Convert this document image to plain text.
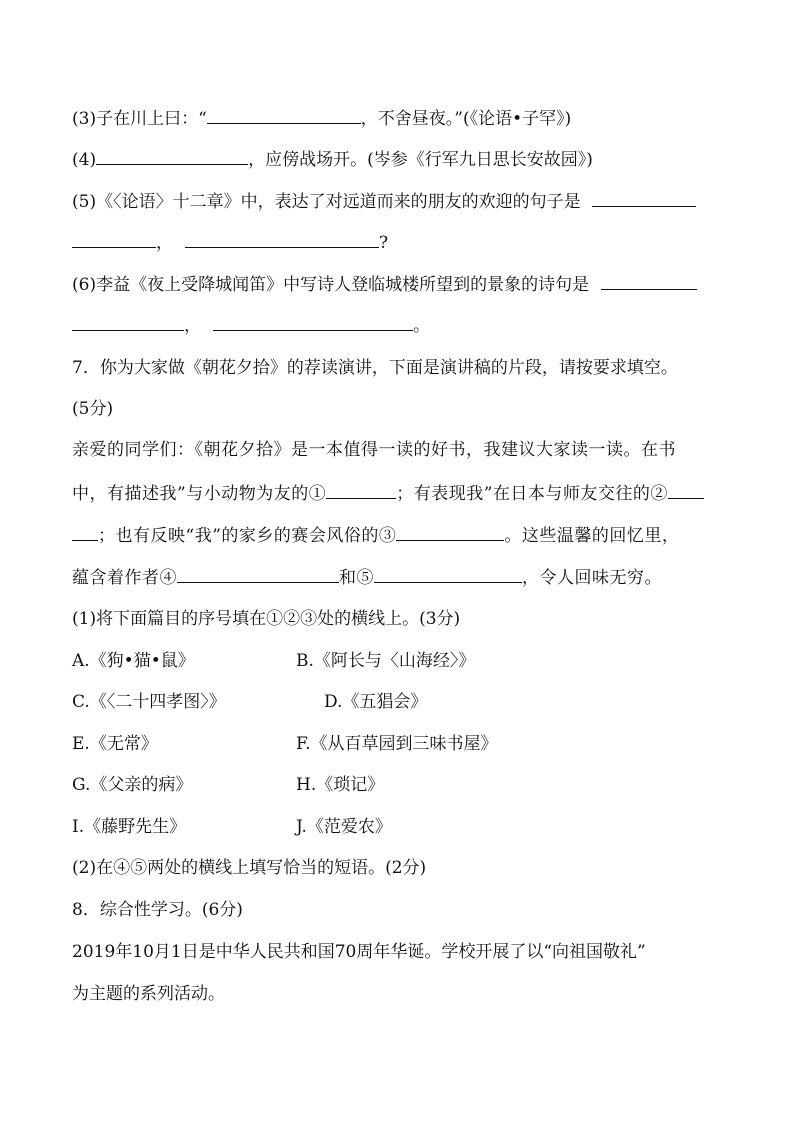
(3)子在川上曰：“	，不舍昼夜。”(《论语•子罕》)
(4)	，应傍战场开。(岑参《行军九日思长安故园》)
(5)《〈论语〉十二章》中，表达了对远道而来的朋友的欢迎的句子是
，	?
(6)李益《夜上受降城闻笛》中写诗人登临城楼所望到的景象的诗句是
，	。
7．你为大家做《朝花夕拾》的荐读演讲，下面是演讲稿的片段，请按要求填空。
(5分)
亲爱的同学们：《朝花夕拾》是一本值得一读的好书，我建议大家读一读。在书
中，有描述我”与小动物为友的①	；有表现我”在日本与师友交往的②
；也有反映“我”的家乡的赛会风俗的③	。这些温馨的回忆里，
蕴含着作者④	和⑤	，令人回味无穷。
(1)将下面篇目的序号填在①②③处的横线上。(3分)
A.《狗•猫•鼠》	B.《阿长与〈山海经〉》
C.《〈二十四孝图〉》	D.《五猖会》
E.《无常》	F.《从百草园到三味书屋》
G.《父亲的病》	H.《琐记》
I.《藤野先生》	J.《范爱农》
(2)在④⑤两处的横线上填写恰当的短语。(2分)
8．综合性学习。(6分)
2019年10月1日是中华人民共和国70周年华诞。学校开展了以“向祖国敬礼”
为主题的系列活动。
